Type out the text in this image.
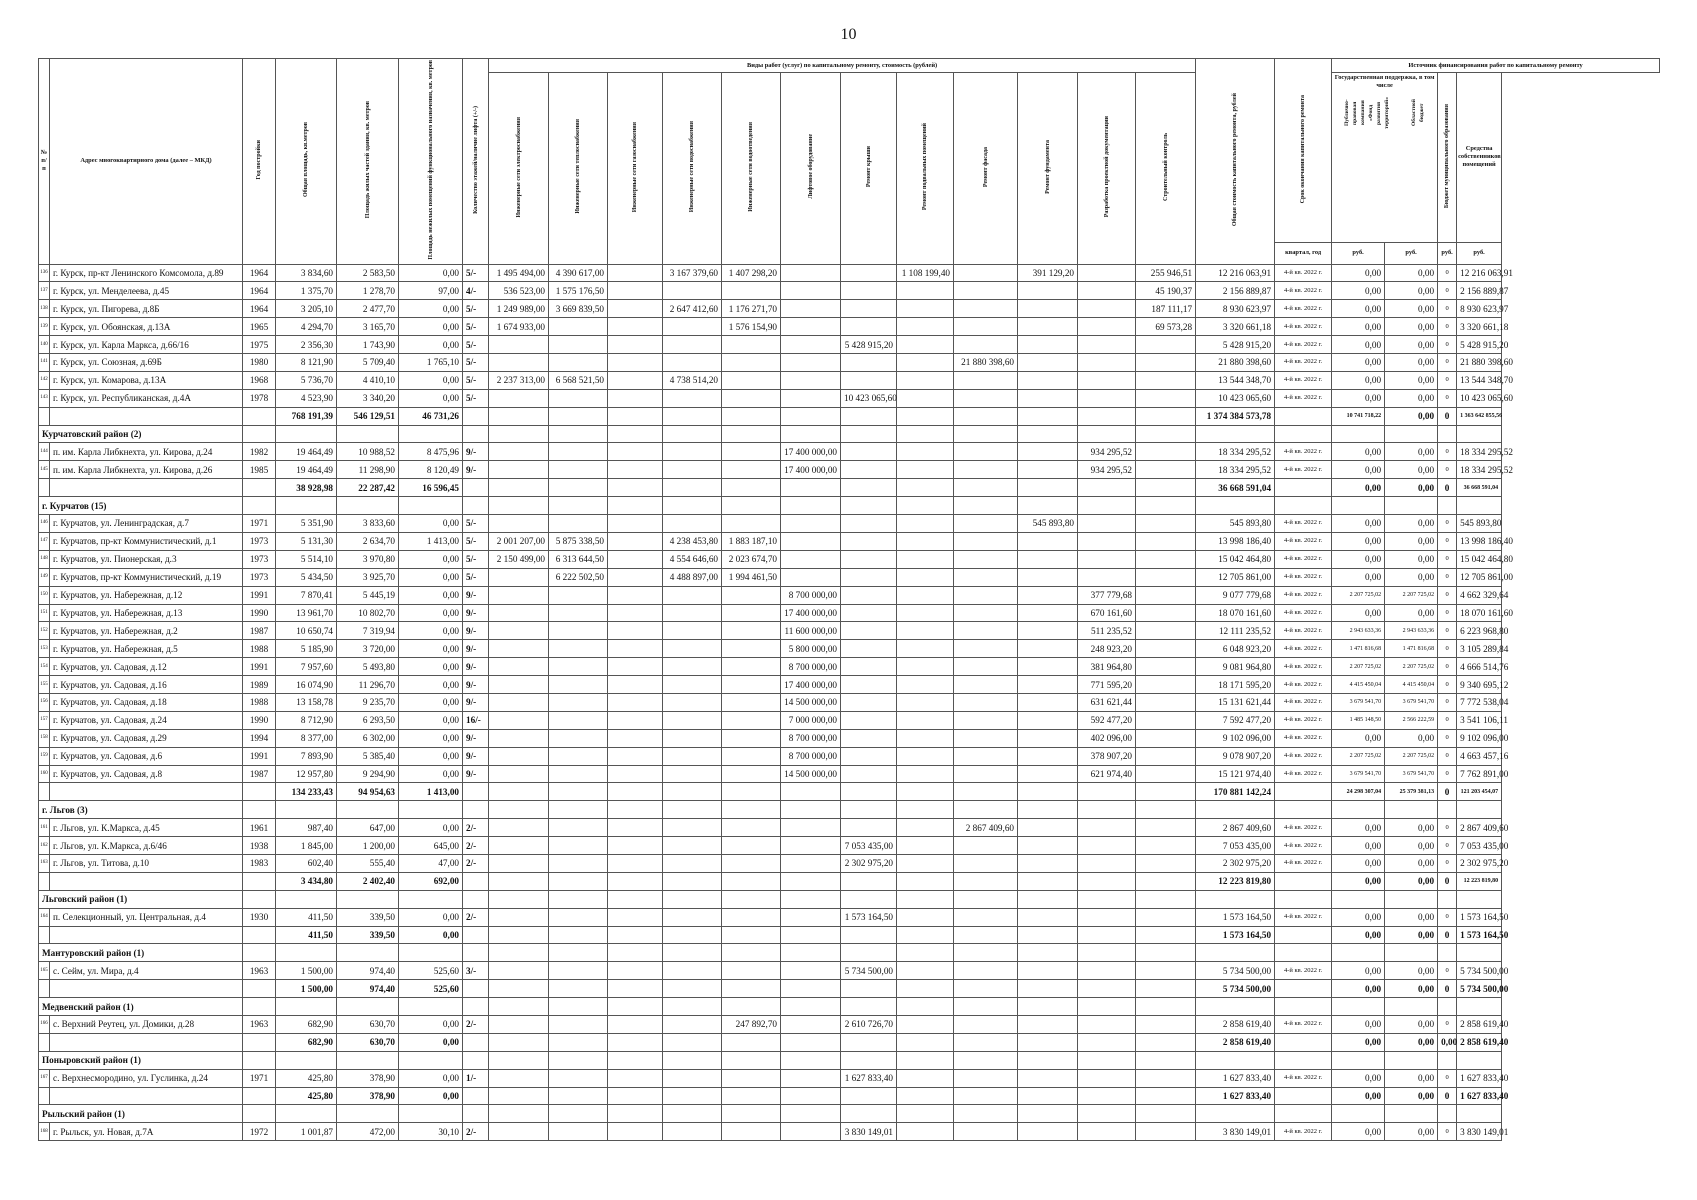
10
№ п/п	Адрес многоквартирного дома (далее – МКД)	Год постройки	Общая площадь, кв.метров	Площадь жилых частей здания, кв. метров	Площадь нежилых помещений функционального назначения, кв. метров	Количество этажей/наличие лифта (+/-)	Виды работ (услуг) по капитальному ремонту, стоимость (рублей)												Общая стоимость капитального ремонта, рублей	Срок окончания капитального ремонта	Источник финансирования работ по капитальному ремонту			
							Инженерные сети электроснабжения	Инженерные сети теплоснабжения	Инженерные сети газоснабжения	Инженерные сети водоснабжения	Инженерные сети водоотведения	Лифтовое оборудование	Ремонт крыши	Ремонт подвальных помещений	Ремонт фасада	Ремонт фундамента	Разработка проектной документации	Строительный контроль			Государственная поддержка, в том числе
Публично-правовая компания «Фонд развития территорий» Областной бюджет		Бюджет муниципального образования	Средства собственников помещений
																				квартал, год	руб.	руб.	руб.	руб.
136	г. Курск, пр-кт Ленинского Комсомола, д.89	1964	3 834,60	2 583,50	0,00	5/-	1 495 494,00	4 390 617,00		3 167 379,60	1 407 298,20			1 108 199,40		391 129,20		255 946,51	12 216 063,91	4-й кв. 2022 г.	0,00	0,00	0	12 216 063,91
137	г. Курск, ул. Менделеева, д.45	1964	1 375,70	1 278,70	97,00	4/-	536 523,00	1 575 176,50										45 190,37	2 156 889,87	4-й кв. 2022 г.	0,00	0,00	0	2 156 889,87
138	г. Курск, ул. Пигорева, д.8Б	1964	3 205,10	2 477,70	0,00	5/-	1 249 989,00	3 669 839,50		2 647 412,60	1 176 271,70							187 111,17	8 930 623,97	4-й кв. 2022 г.	0,00	0,00	0	8 930 623,97
139	г. Курск, ул. Обоянская, д.13А	1965	4 294,70	3 165,70	0,00	5/-	1 674 933,00				1 576 154,90							69 573,28	3 320 661,18	4-й кв. 2022 г.	0,00	0,00	0	3 320 661,18
140	г. Курск, ул. Карла Маркса, д.66/16	1975	2 356,30	1 743,90	0,00	5/-							5 428 915,20						5 428 915,20	4-й кв. 2022 г.	0,00	0,00	0	5 428 915,20
141	г. Курск, ул. Союзная, д.69Б	1980	8 121,90	5 709,40	1 765,10	5/-									21 880 398,60				21 880 398,60	4-й кв. 2022 г.	0,00	0,00	0	21 880 398,60
142	г. Курск, ул. Комарова, д.13А	1968	5 736,70	4 410,10	0,00	5/-	2 237 313,00	6 568 521,50		4 738 514,20									13 544 348,70	4-й кв. 2022 г.	0,00	0,00	0	13 544 348,70
143	г. Курск, ул. Республиканская, д.4А	1978	4 523,90	3 340,20	0,00	5/-							10 423 065,60						10 423 065,60	4-й кв. 2022 г.	0,00	0,00	0	10 423 065,60
			768 191,39	546 129,51	46 731,26														1 374 384 573,78		10 741 718,22	0,00	0	1 363 642 855,56
Курчатовский район (2)																								
144	п. им. Карла Либкнехта, ул. Кирова, д.24	1982	19 464,49	10 988,52	8 475,96	9/-						17 400 000,00					934 295,52		18 334 295,52	4-й кв. 2022 г.	0,00	0,00	0	18 334 295,52
145	п. им. Карла Либкнехта, ул. Кирова, д.26	1985	19 464,49	11 298,90	8 120,49	9/-						17 400 000,00					934 295,52		18 334 295,52	4-й кв. 2022 г.	0,00	0,00	0	18 334 295,52
			38 928,98	22 287,42	16 596,45														36 668 591,04		0,00	0,00	0	36 668 591,04
г. Курчатов (15)																								
146	г. Курчатов, ул. Ленинградская, д.7	1971	5 351,90	3 833,60	0,00	5/-										545 893,80			545 893,80	4-й кв. 2022 г.	0,00	0,00	0	545 893,80
147	г. Курчатов, пр-кт Коммунистический, д.1	1973	5 131,30	2 634,70	1 413,00	5/-	2 001 207,00	5 875 338,50		4 238 453,80	1 883 187,10								13 998 186,40	4-й кв. 2022 г.	0,00	0,00	0	13 998 186,40
148	г. Курчатов, ул. Пионерская, д.3	1973	5 514,10	3 970,80	0,00	5/-	2 150 499,00	6 313 644,50		4 554 646,60	2 023 674,70								15 042 464,80	4-й кв. 2022 г.	0,00	0,00	0	15 042 464,80
149	г. Курчатов, пр-кт Коммунистический, д.19	1973	5 434,50	3 925,70	0,00	5/-		6 222 502,50		4 488 897,00	1 994 461,50								12 705 861,00	4-й кв. 2022 г.	0,00	0,00	0	12 705 861,00
150	г. Курчатов, ул. Набережная, д.12	1991	7 870,41	5 445,19	0,00	9/-						8 700 000,00					377 779,68		9 077 779,68	4-й кв. 2022 г.	2 207 725,02	2 207 725,02	0	4 662 329,64
151	г. Курчатов, ул. Набережная, д.13	1990	13 961,70	10 802,70	0,00	9/-						17 400 000,00					670 161,60		18 070 161,60	4-й кв. 2022 г.	0,00	0,00	0	18 070 161,60
152	г. Курчатов, ул. Набережная, д.2	1987	10 650,74	7 319,94	0,00	9/-						11 600 000,00					511 235,52		12 111 235,52	4-й кв. 2022 г.	2 943 633,36	2 943 633,36	0	6 223 968,80
153	г. Курчатов, ул. Набережная, д.5	1988	5 185,90	3 720,00	0,00	9/-						5 800 000,00					248 923,20		6 048 923,20	4-й кв. 2022 г.	1 471 816,68	1 471 816,68	0	3 105 289,84
154	г. Курчатов, ул. Садовая, д.12	1991	7 957,60	5 493,80	0,00	9/-						8 700 000,00					381 964,80		9 081 964,80	4-й кв. 2022 г.	2 207 725,02	2 207 725,02	0	4 666 514,76
155	г. Курчатов, ул. Садовая, д.16	1989	16 074,90	11 296,70	0,00	9/-						17 400 000,00					771 595,20		18 171 595,20	4-й кв. 2022 г.	4 415 450,04	4 415 450,04	0	9 340 695,12
156	г. Курчатов, ул. Садовая, д.18	1988	13 158,78	9 235,70	0,00	9/-						14 500 000,00					631 621,44		15 131 621,44	4-й кв. 2022 г.	3 679 541,70	3 679 541,70	0	7 772 538,04
157	г. Курчатов, ул. Садовая, д.24	1990	8 712,90	6 293,50	0,00	16/-						7 000 000,00					592 477,20		7 592 477,20	4-й кв. 2022 г.	1 485 148,50	2 566 222,59	0	3 541 106,11
158	г. Курчатов, ул. Садовая, д.29	1994	8 377,00	6 302,00	0,00	9/-						8 700 000,00					402 096,00		9 102 096,00	4-й кв. 2022 г.	0,00	0,00	0	9 102 096,00
159	г. Курчатов, ул. Садовая, д.6	1991	7 893,90	5 385,40	0,00	9/-						8 700 000,00					378 907,20		9 078 907,20	4-й кв. 2022 г.	2 207 725,02	2 207 725,02	0	4 663 457,16
160	г. Курчатов, ул. Садовая, д.8	1987	12 957,80	9 294,90	0,00	9/-						14 500 000,00					621 974,40		15 121 974,40	4-й кв. 2022 г.	3 679 541,70	3 679 541,70	0	7 762 891,00
			134 233,43	94 954,63	1 413,00														170 881 142,24		24 298 307,04	25 379 381,13	0	121 203 454,07
г. Льгов (3)																								
161	г. Льгов, ул. К.Маркса, д.45	1961	987,40	647,00	0,00	2/-									2 867 409,60				2 867 409,60	4-й кв. 2022 г.	0,00	0,00	0	2 867 409,60
162	г. Льгов, ул. К.Маркса, д.6/46	1938	1 845,00	1 200,00	645,00	2/-							7 053 435,00						7 053 435,00	4-й кв. 2022 г.	0,00	0,00	0	7 053 435,00
163	г. Льгов, ул. Титова, д.10	1983	602,40	555,40	47,00	2/-							2 302 975,20						2 302 975,20	4-й кв. 2022 г.	0,00	0,00	0	2 302 975,20
			3 434,80	2 402,40	692,00														12 223 819,80		0,00	0,00	0	12 223 819,80
Льговский район (1)																								
164	п. Селекционный, ул. Центральная, д.4	1930	411,50	339,50	0,00	2/-							1 573 164,50						1 573 164,50	4-й кв. 2022 г.	0,00	0,00	0	1 573 164,50
			411,50	339,50	0,00														1 573 164,50		0,00	0,00	0	1 573 164,50
Мантуровский район (1)																								
165	с. Сейм, ул. Мира, д.4	1963	1 500,00	974,40	525,60	3/-							5 734 500,00						5 734 500,00	4-й кв. 2022 г.	0,00	0,00	0	5 734 500,00
			1 500,00	974,40	525,60														5 734 500,00		0,00	0,00	0	5 734 500,00
Медвенский район (1)																								
166	с. Верхний Реутец, ул. Домики, д.28	1963	682,90	630,70	0,00	2/-					247 892,70		2 610 726,70						2 858 619,40	4-й кв. 2022 г.	0,00	0,00	0	2 858 619,40
			682,90	630,70	0,00														2 858 619,40		0,00	0,00	0,00	2 858 619,40
Поныровский район (1)																								
167	с. Верхнесмородино, ул. Гуслинка, д.24	1971	425,80	378,90	0,00	1/-							1 627 833,40						1 627 833,40	4-й кв. 2022 г.	0,00	0,00	0	1 627 833,40
			425,80	378,90	0,00														1 627 833,40		0,00	0,00	0	1 627 833,40
Рыльский район (1)																								
168	г. Рыльск, ул. Новая, д.7А	1972	1 001,87	472,00	30,10	2/-							3 830 149,01						3 830 149,01	4-й кв. 2022 г.	0,00	0,00	0	3 830 149,01
